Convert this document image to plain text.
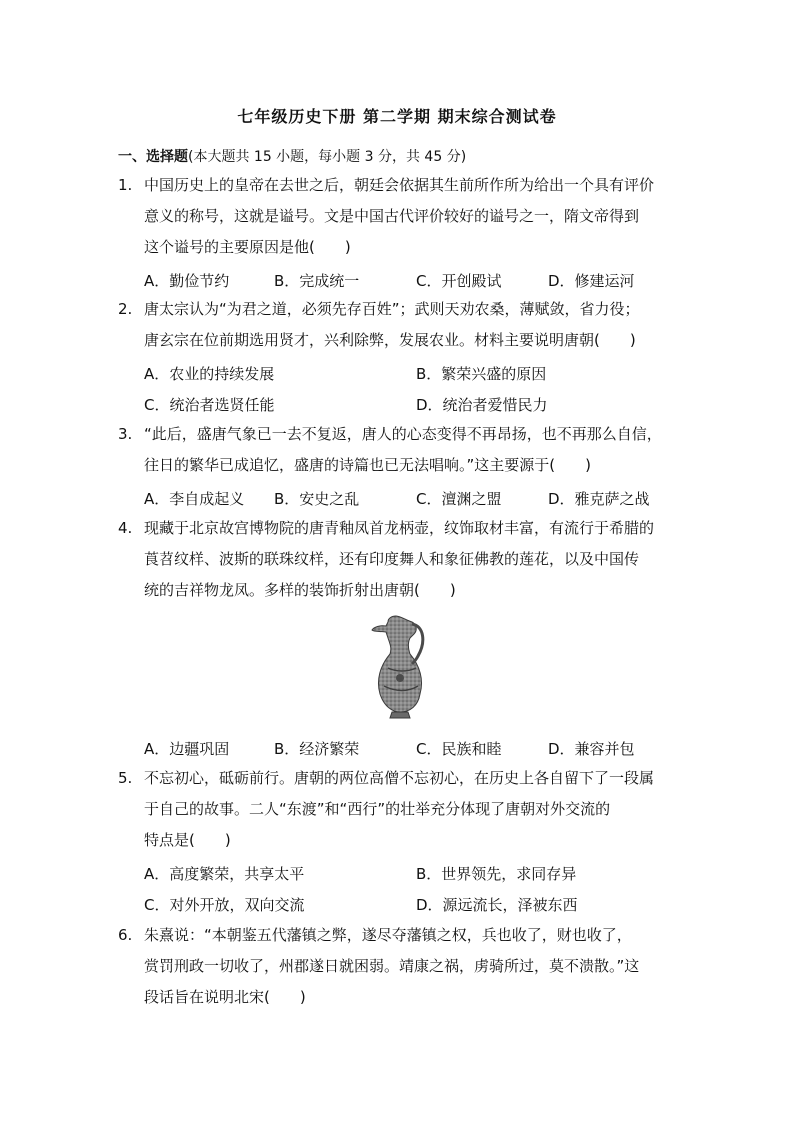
七年级历史下册 第二学期 期末综合测试卷
一、选择题(本大题共 15 小题，每小题 3 分，共 45 分)
1. 中国历史上的皇帝在去世之后，朝廷会依据其生前所作所为给出一个具有评价
意义的称号，这就是谥号。文是中国古代评价较好的谥号之一，隋文帝得到
这个谥号的主要原因是他(　　)
A．勤俭节约	B．完成统一	C．开创殿试	D．修建运河
2. 唐太宗认为“为君之道，必须先存百姓”；武则天劝农桑，薄赋敛，省力役；
唐玄宗在位前期选用贤才，兴利除弊，发展农业。材料主要说明唐朝(　　)
A．农业的持续发展	B．繁荣兴盛的原因
C．统治者选贤任能	D．统治者爱惜民力
3. “此后，盛唐气象已一去不复返，唐人的心态变得不再昂扬，也不再那么自信，
往日的繁华已成追忆，盛唐的诗篇也已无法唱响。”这主要源于(　　)
A．李自成起义 B．安史之乱	C．澶渊之盟	D．雅克萨之战
4. 现藏于北京故宫博物院的唐青釉凤首龙柄壶，纹饰取材丰富，有流行于希腊的
莨苕纹样、波斯的联珠纹样，还有印度舞人和象征佛教的莲花，以及中国传
统的吉祥物龙凤。多样的装饰折射出唐朝(　　)
A．边疆巩固	B．经济繁荣	C．民族和睦	D．兼容并包
5. 不忘初心，砥砺前行。唐朝的两位高僧不忘初心，在历史上各自留下了一段属
于自己的故事。二人“东渡”和“西行”的壮举充分体现了唐朝对外交流的
特点是(　　)
A．高度繁荣，共享太平	B．世界领先，求同存异
C．对外开放，双向交流	D．源远流长，泽被东西
6. 朱熹说：“本朝鉴五代藩镇之弊，遂尽夺藩镇之权，兵也收了，财也收了，
赏罚刑政一切收了，州郡遂日就困弱。靖康之祸，虏骑所过，莫不溃散。”这
段话旨在说明北宋(　　)
